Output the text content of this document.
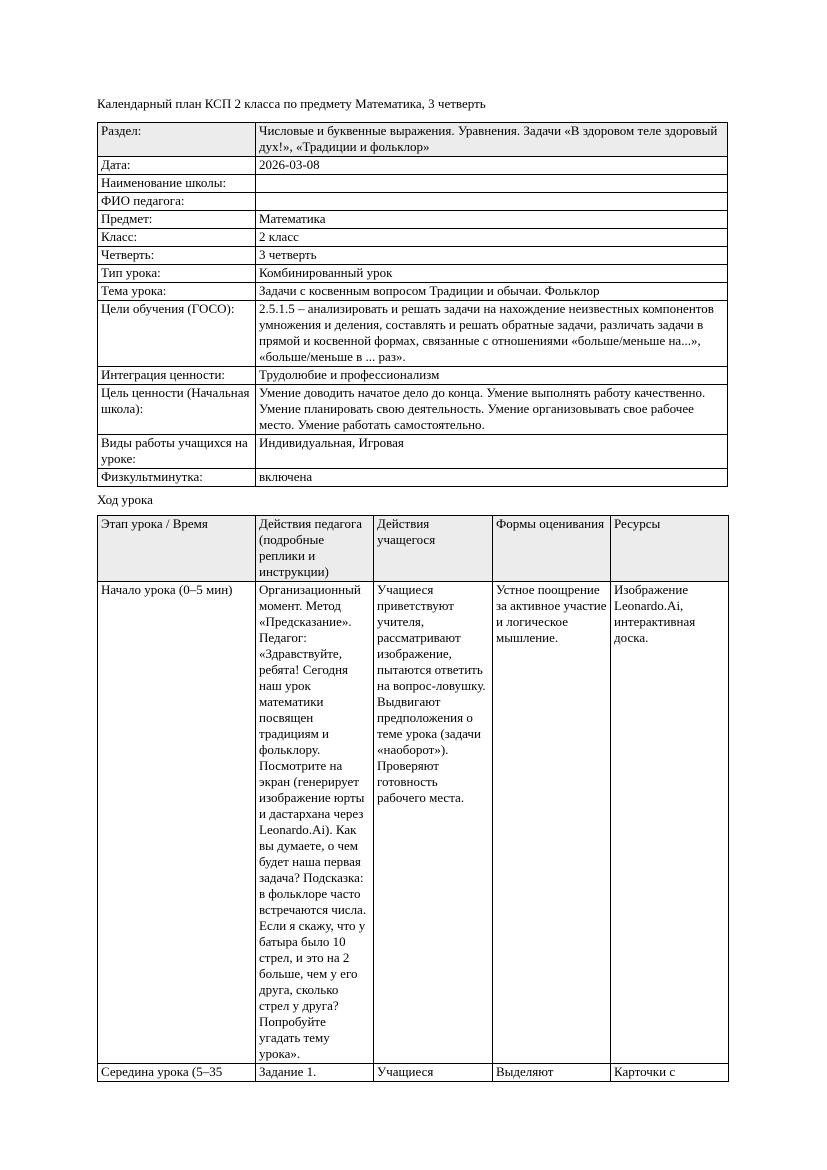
Календарный план КСП 2 класса по предмету Математика, 3 четверть

Раздел:	Числовые и буквенные выражения. Уравнения. Задачи «В здоровом теле здоровый дух!», «Традиции и фольклор»
Дата:	2026-03-08
Наименование школы:	
ФИО педагога:	
Предмет:	Математика
Класс:	2 класс
Четверть:	3 четверть
Тип урока:	Комбинированный урок
Тема урока:	Задачи с косвенным вопросом Традиции и обычаи. Фольклор
Цели обучения (ГОСО):	2.5.1.5 – анализировать и решать задачи на нахождение неизвестных компонентов умножения и деления, составлять и решать обратные задачи, различать задачи в прямой и косвенной формах, связанные с отношениями «больше/меньше на...», «больше/меньше в ... раз».
Интеграция ценности:	Трудолюбие и профессионализм
Цель ценности (Начальная школа):	Умение доводить начатое дело до конца. Умение выполнять работу качественно. Умение планировать свою деятельность. Умение организовывать свое рабочее место. Умение работать самостоятельно.
Виды работы учащихся на уроке:	Индивидуальная, Игровая
Физкультминутка:	включена

Ход урока

Этап урока / Время	Действия педагога (подробные реплики и инструкции)	Действия учащегося	Формы оценивания	Ресурсы
Начало урока (0–5 мин)	Организационный момент. Метод «Предсказание». Педагог: «Здравствуйте, ребята! Сегодня наш урок математики посвящен традициям и фольклору. Посмотрите на экран (генерирует изображение юрты и дастархана через Leonardo.Ai). Как вы думаете, о чем будет наша первая задача? Подсказка: в фольклоре часто встречаются числа. Если я скажу, что у батыра было 10 стрел, и это на 2 больше, чем у его друга, сколько стрел у друга? Попробуйте угадать тему урока».	Учащиеся приветствуют учителя, рассматривают изображение, пытаются ответить на вопрос-ловушку. Выдвигают предположения о теме урока (задачи «наоборот»). Проверяют готовность рабочего места.	Устное поощрение за активное участие и логическое мышление.	Изображение Leonardo.Ai, интерактивная доска.
Середина урока (5–35	Задание 1.	Учащиеся	Выделяют	Карточки с
